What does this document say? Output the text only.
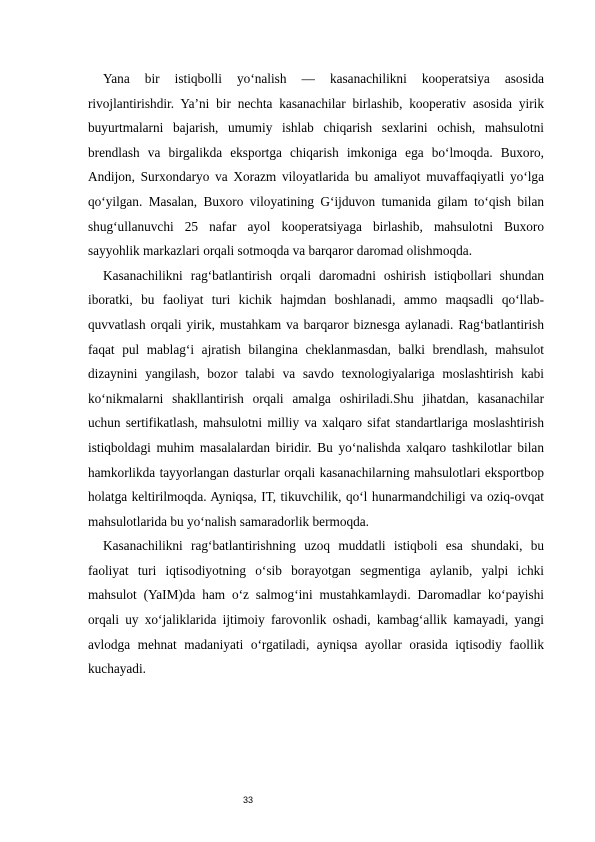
Yana bir istiqbolli yo‘nalish — kasanachilikni kooperatsiya asosida rivojlantirishdir. Ya’ni bir nechta kasanachilar birlashib, kooperativ asosida yirik buyurtmalarni bajarish, umumiy ishlab chiqarish sexlarini ochish, mahsulotni brendlash va birgalikda eksportga chiqarish imkoniga ega bo‘lmoqda. Buxoro, Andijon, Surxondaryo va Xorazm viloyatlarida bu amaliyot muvaffaqiyatli yo‘lga qo‘yilgan. Masalan, Buxoro viloyatining G‘ijduvon tumanida gilam to‘qish bilan shug‘ullanuvchi 25 nafar ayol kooperatsiyaga birlashib, mahsulotni Buxoro sayyohlik markazlari orqali sotmoqda va barqaror daromad olishmoqda.

Kasanachilikni rag‘batlantirish orqali daromadni oshirish istiqbollari shundan iboratki, bu faoliyat turi kichik hajmdan boshlanadi, ammo maqsadli qo‘llab-quvvatlash orqali yirik, mustahkam va barqaror biznesga aylanadi. Rag‘batlantirish faqat pul mablag‘i ajratish bilangina cheklanmasdan, balki brendlash, mahsulot dizaynini yangilash, bozor talabi va savdo texnologiyalariga moslashtirish kabi ko‘nikmalarni shakllantirish orqali amalga oshiriladi.Shu jihatdan, kasanachilar uchun sertifikatlash, mahsulotni milliy va xalqaro sifat standartlariga moslashtirish istiqboldagi muhim masalalardan biridir. Bu yo‘nalishda xalqaro tashkilotlar bilan hamkorlikda tayyorlangan dasturlar orqali kasanachilarning mahsulotlari eksportbop holatga keltirilmoqda. Ayniqsa, IT, tikuvchilik, qo‘l hunarmandchiligi va oziq-ovqat mahsulotlarida bu yo‘nalish samaradorlik bermoqda.

Kasanachilikni rag‘batlantirishning uzoq muddatli istiqboli esa shundaki, bu faoliyat turi iqtisodiyotning o‘sib borayotgan segmentiga aylanib, yalpi ichki mahsulot (YaIM)da ham o‘z salmog‘ini mustahkamlaydi. Daromadlar ko‘payishi orqali uy xo‘jaliklarida ijtimoiy farovonlik oshadi, kambag‘allik kamayadi, yangi avlodga mehnat madaniyati o‘rgatiladi, ayniqsa ayollar orasida iqtisodiy faollik kuchayadi.

33
